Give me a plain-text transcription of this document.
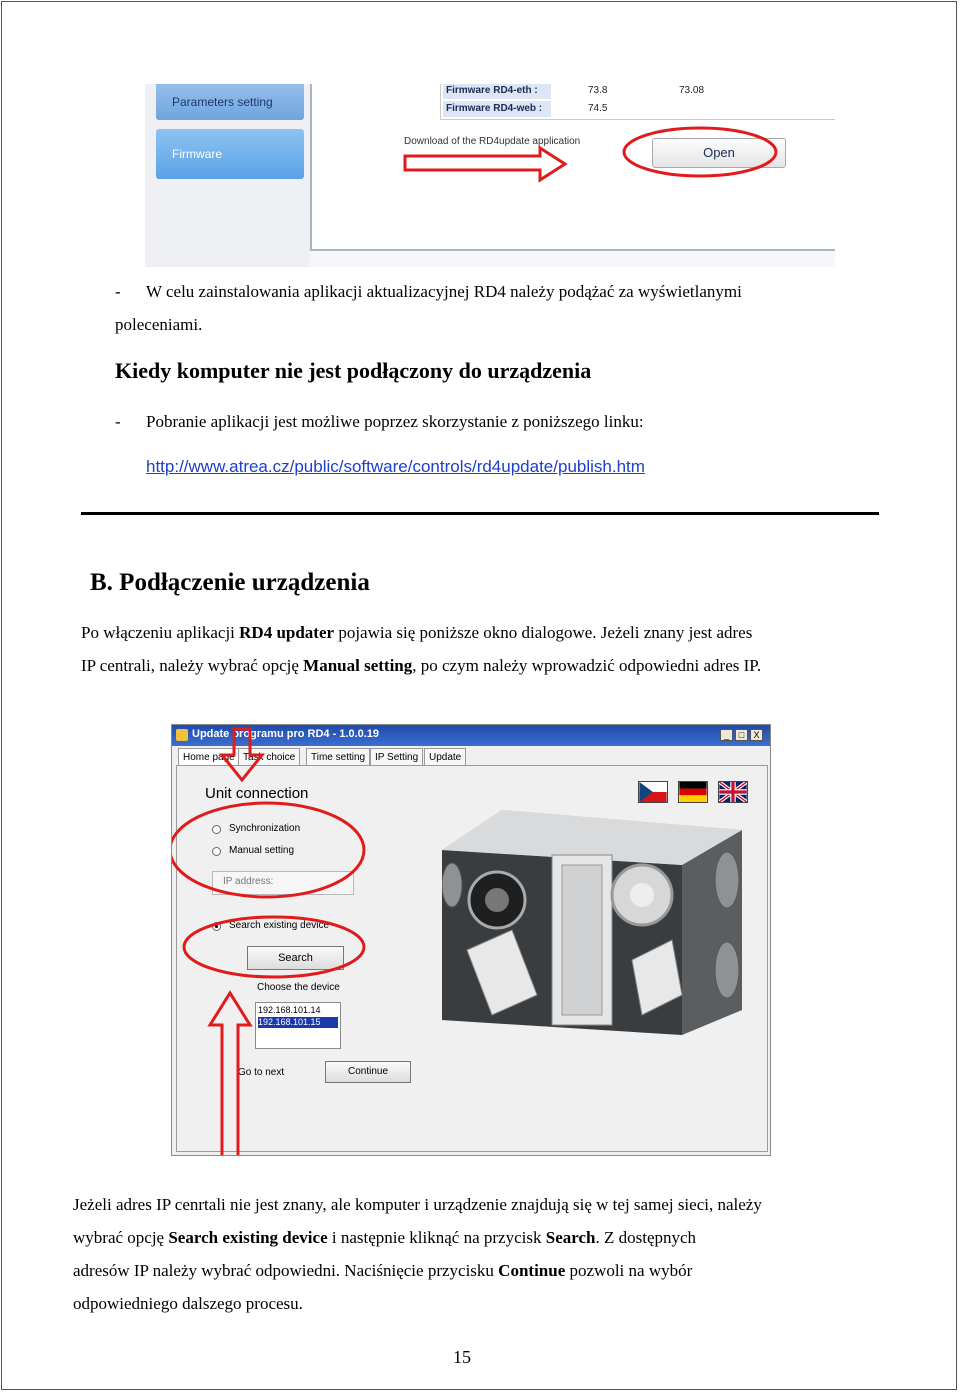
Parameters setting
Firmware
Firmware RD4-eth :	73.8	73.08
Firmware RD4-web :	74.5
Download of the RD4update application
Open
- W celu zainstalowania aplikacji aktualizacyjnej RD4 należy podążać za wyświetlanymi
poleceniami.
Kiedy komputer nie jest podłączony do urządzenia
- Pobranie aplikacji jest możliwe poprzez skorzystanie z poniższego linku:
http://www.atrea.cz/public/software/controls/rd4update/publish.htm
B. Podłączenie urządzenia
Po włączeniu aplikacji RD4 updater pojawia się poniższe okno dialogowe. Jeżeli znany jest adres
IP centrali, należy wybrać opcję Manual setting, po czym należy wprowadzić odpowiedni adres IP.
Update programu pro RD4 - 1.0.0.19	_	□	X
Home page Task choice	Time setting IP Setting	Update
Unit connection
Synchronization
Manual setting
IP address:
Search existing device
Search
Choose the device
192.168.101.14
192.168.101.15
Go to next	Continue
Jeżeli adres IP cenrtali nie jest znany, ale komputer i urządzenie znajdują się w tej samej sieci, należy
wybrać opcję Search existing device i następnie kliknąć na przycisk Search. Z dostępnych
adresów IP należy wybrać odpowiedni. Naciśnięcie przycisku Continue pozwoli na wybór
odpowiedniego dalszego procesu.
15
